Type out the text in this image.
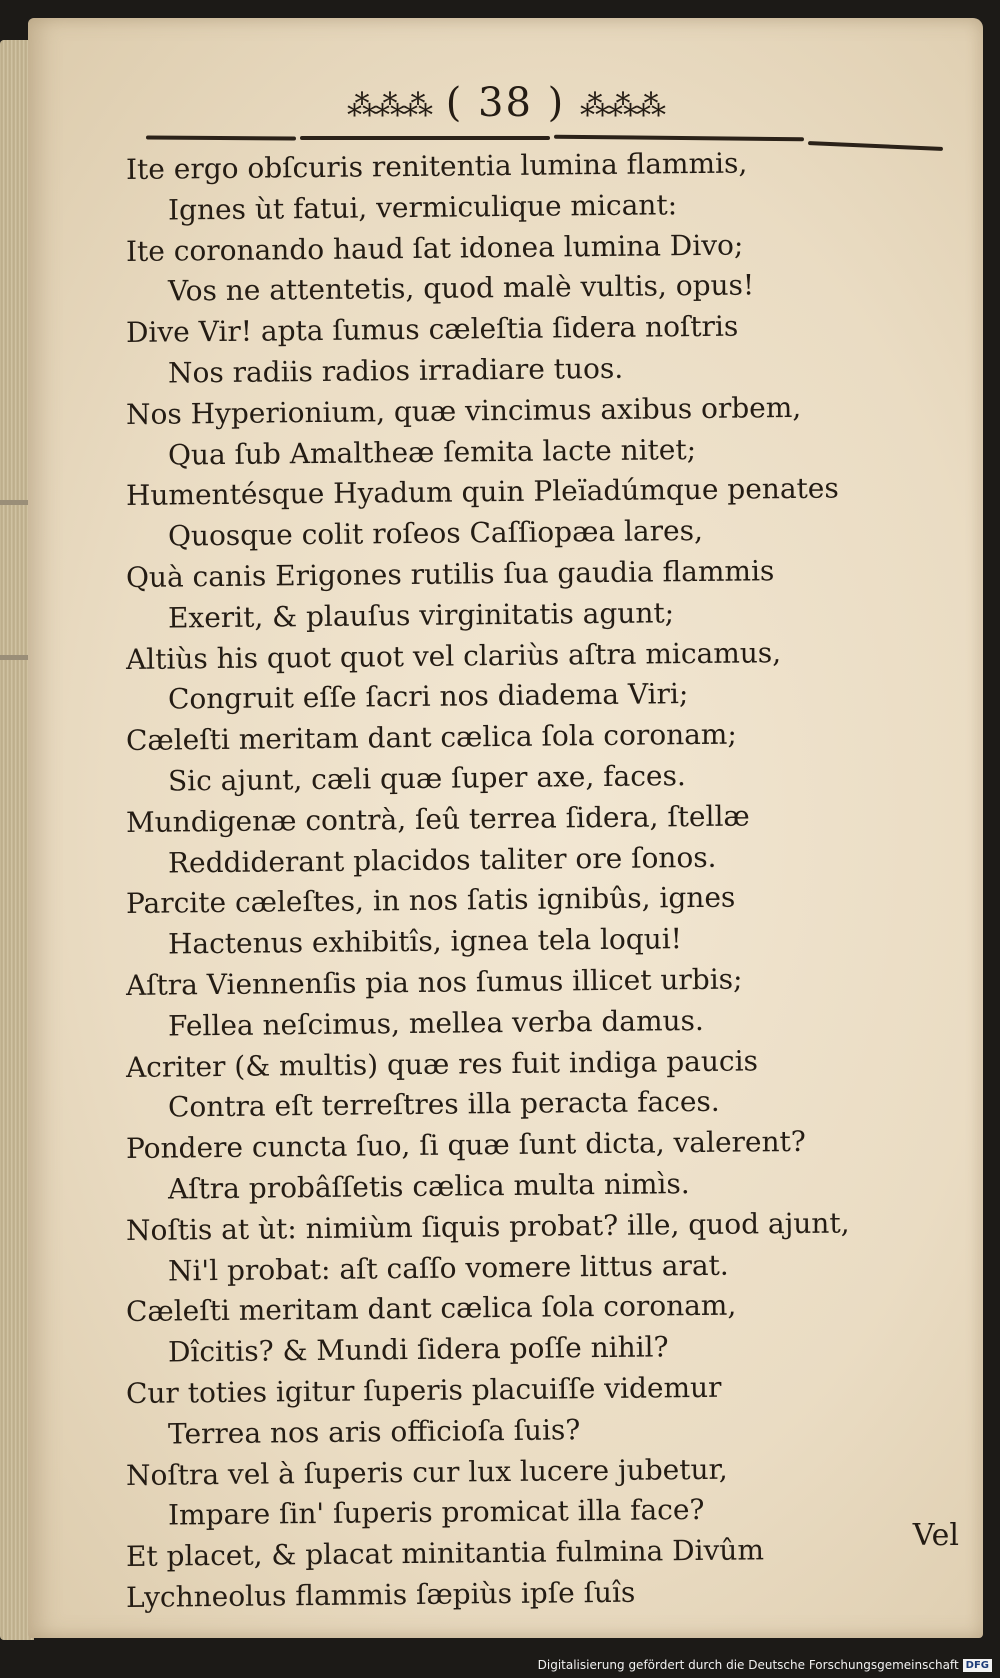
⁂⁂⁂ ( 38 ) ⁂⁂⁂
Ite ergo obſcuris renitentia lumina flammis,
Ignes ùt fatui, vermiculique micant:
Ite coronando haud ſat idonea lumina Divo;
Vos ne attentetis, quod malè vultis, opus!
Dive Vir! apta ſumus cæleſtia ſidera noſtris
Nos radiis radios irradiare tuos.
Nos Hyperionium, quæ vincimus axibus orbem,
Qua ſub Amaltheæ ſemita lacte nitet;
Humentésque Hyadum quin Pleïadúmque penates
Quosque colit roſeos Caſſiopæa lares,
Quà canis Erigones rutilis ſua gaudia flammis
Exerit, & plauſus virginitatis agunt;
Altiùs his quot quot vel clariùs aſtra micamus,
Congruit eſſe ſacri nos diadema Viri;
Cæleſti meritam dant cælica ſola coronam;
Sic ajunt, cæli quæ ſuper axe, faces.
Mundigenæ contrà, ſeû terrea ſidera, ſtellæ
Reddiderant placidos taliter ore ſonos.
Parcite cæleſtes, in nos ſatis ignibûs, ignes
Hactenus exhibitîs, ignea tela loqui!
Aſtra Viennenſis pia nos ſumus illicet urbis;
Fellea neſcimus, mellea verba damus.
Acriter (& multis) quæ res fuit indiga paucis
Contra eſt terreſtres illa peracta faces.
Pondere cuncta ſuo, ſi quæ ſunt dicta, valerent?
Aſtra probâſſetis cælica multa nimìs.
Noſtis at ùt: nimiùm ſiquis probat? ille, quod ajunt,
Ni'l probat: aſt caſſo vomere littus arat.
Cæleſti meritam dant cælica ſola coronam,
Dîcitis? & Mundi ſidera poſſe nihil?
Cur toties igitur ſuperis placuiſſe videmur
Terrea nos aris officioſa ſuis?
Noſtra vel à ſuperis cur lux lucere jubetur,
Impare ſin' ſuperis promicat illa face?
Et placet, & placat minitantia fulmina Divûm
Lychneolus flammis ſæpiùs ipſe ſuîs
Vel
Digitalisierung gefördert durch die Deutsche Forschungsgemeinschaft DFG
